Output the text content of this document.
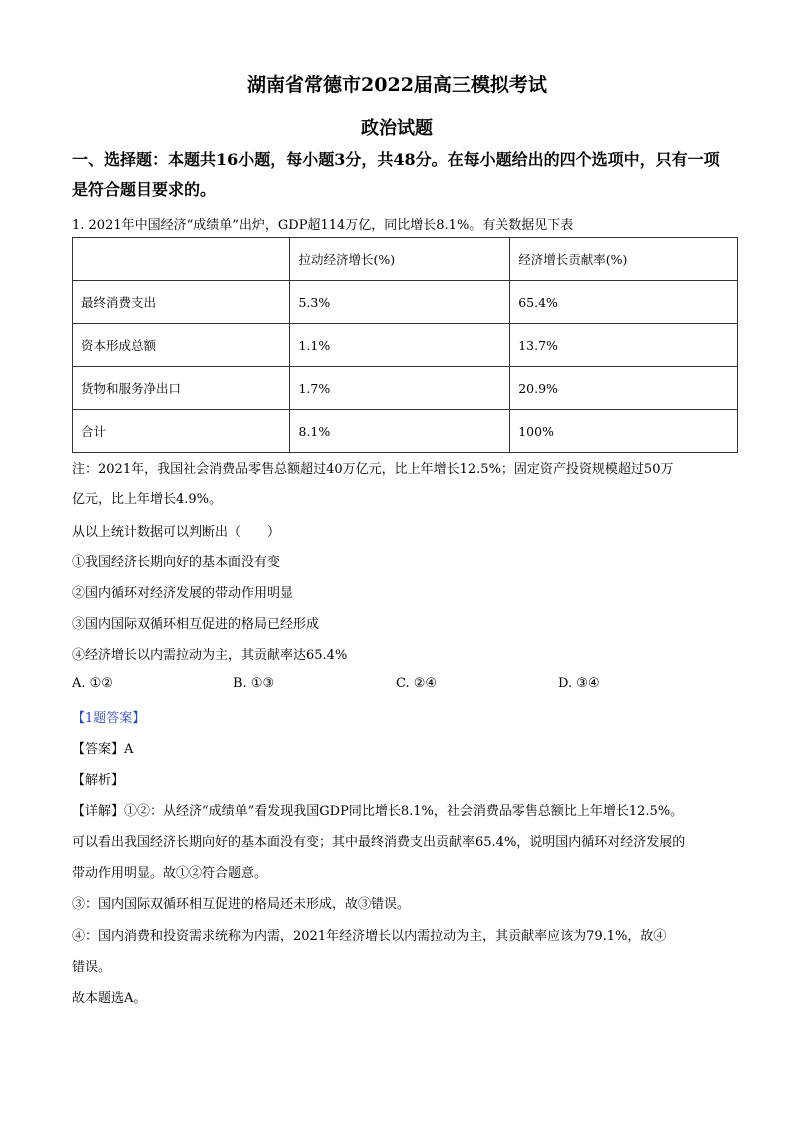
湖南省常德市2022届高三模拟考试
政治试题
一、选择题：本题共16小题，每小题3分，共48分。在每小题给出的四个选项中，只有一项是符合题目要求的。
1. 2021年中国经济“成绩单”出炉，GDP超114万亿，同比增长8.1%。有关数据见下表
	拉动经济增长(%)	经济增长贡献率(%)
最终消费支出	5.3%	65.4%
资本形成总额	1.1%	13.7%
货物和服务净出口	1.7%	20.9%
合计	8.1%	100%
注：2021年，我国社会消费品零售总额超过40万亿元，比上年增长12.5%；固定资产投资规模超过50万
亿元，比上年增长4.9%。
从以上统计数据可以判断出（　　）
①我国经济长期向好的基本面没有变
②国内循环对经济发展的带动作用明显
③国内国际双循环相互促进的格局已经形成
④经济增长以内需拉动为主，其贡献率达65.4%
A. ①②	B. ①③	C. ②④	D. ③④
【1题答案】
【答案】A
【解析】
【详解】①②：从经济“成绩单”看发现我国GDP同比增长8.1%，社会消费品零售总额比上年增长12.5%。
可以看出我国经济长期向好的基本面没有变；其中最终消费支出贡献率65.4%，说明国内循环对经济发展的
带动作用明显。故①②符合题意。
③：国内国际双循环相互促进的格局还未形成，故③错误。
④：国内消费和投资需求统称为内需，2021年经济增长以内需拉动为主，其贡献率应该为79.1%，故④
错误。
故本题选A。
